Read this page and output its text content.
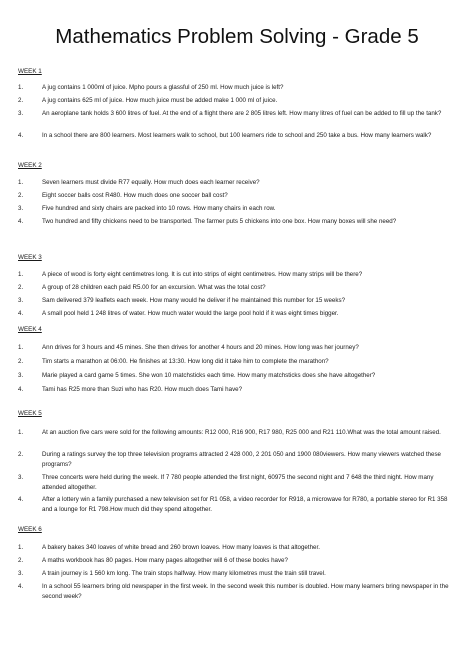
Mathematics Problem Solving - Grade 5
WEEK 1
1.	A jug contains 1 000ml of juice. Mpho pours a glassful of 250 ml. How much juice is left?
2.	A jug contains 625 ml of juice. How much juice must be added make 1 000 ml of juice.
3.	An aeroplane tank holds 3 600 litres of fuel. At the end of a flight there are 2 805 litres left. How many litres of fuel can be added to fill up the tank?
4.	In a school there are 800 learners. Most learners walk to school, but 100 learners ride to school and 250 take a bus. How many learners walk?
WEEK 2
1.	Seven learners must divide R77 equally. How much does each learner receive?
2.	Eight soccer balls cost R480. How much does one soccer ball cost?
3.	Five hundred and sixty chairs are packed into 10 rows. How many chairs in each row.
4.	Two hundred and fifty chickens need to be transported. The farmer puts 5 chickens into one box. How many boxes will she need?
WEEK 3
1.	A piece of wood is forty eight centimetres long. It is cut into strips of eight centimetres. How many strips will be there?
2.	A group of 28 children each paid R5.00 for an excursion. What was the total cost?
3.	Sam delivered 379 leaflets each week. How many would he deliver if he maintained this number for 15 weeks?
4.	A small pool held 1 248 litres of water. How much water would the large pool hold if it was eight times bigger.
WEEK 4
1.	Ann drives for 3 hours and 45 mines. She then drives for another 4 hours and 20 mines. How long was her journey?
2.	Tim starts a marathon at 06:00. He finishes at 13:30. How long did it take him to complete the marathon?
3.	Marie played a card game 5 times. She won 10 matchsticks each time. How many matchsticks does she have altogether?
4.	Tami has R25 more than Suzi who has R20. How much does Tami have?
WEEK 5
1.	At an auction five cars were sold for the following amounts: R12 000, R16 900, R17 980, R25 000 and R21 110.What was the total amount raised.
2.	During a ratings survey the top three television programs attracted 2 428 000, 2 201 050 and 1900 080viewers. How many viewers watched these programs?
3.	Three concerts were held during the week. If 7 780 people attended the first night, 60975 the second night and 7 648 the third night. How many attended altogether.
4.	After a lottery win a family purchased a new television set for R1 058, a video recorder for R918, a microwave for R780, a portable stereo for R1 358 and a lounge for R1 798.How much did they spend altogether.
WEEK 6
1.	A bakery bakes 340 loaves of white bread and 260 brown loaves. How many loaves is that altogether.
2.	A maths workbook has 80 pages. How many pages altogether will 6 of these books have?
3.	A train journey is 1 560 km long. The train stops halfway. How many kilometres must the train still travel.
4.	In a school 55 learners bring old newspaper in the first week. In the second week this number is doubled. How many learners bring newspaper in the second week?
